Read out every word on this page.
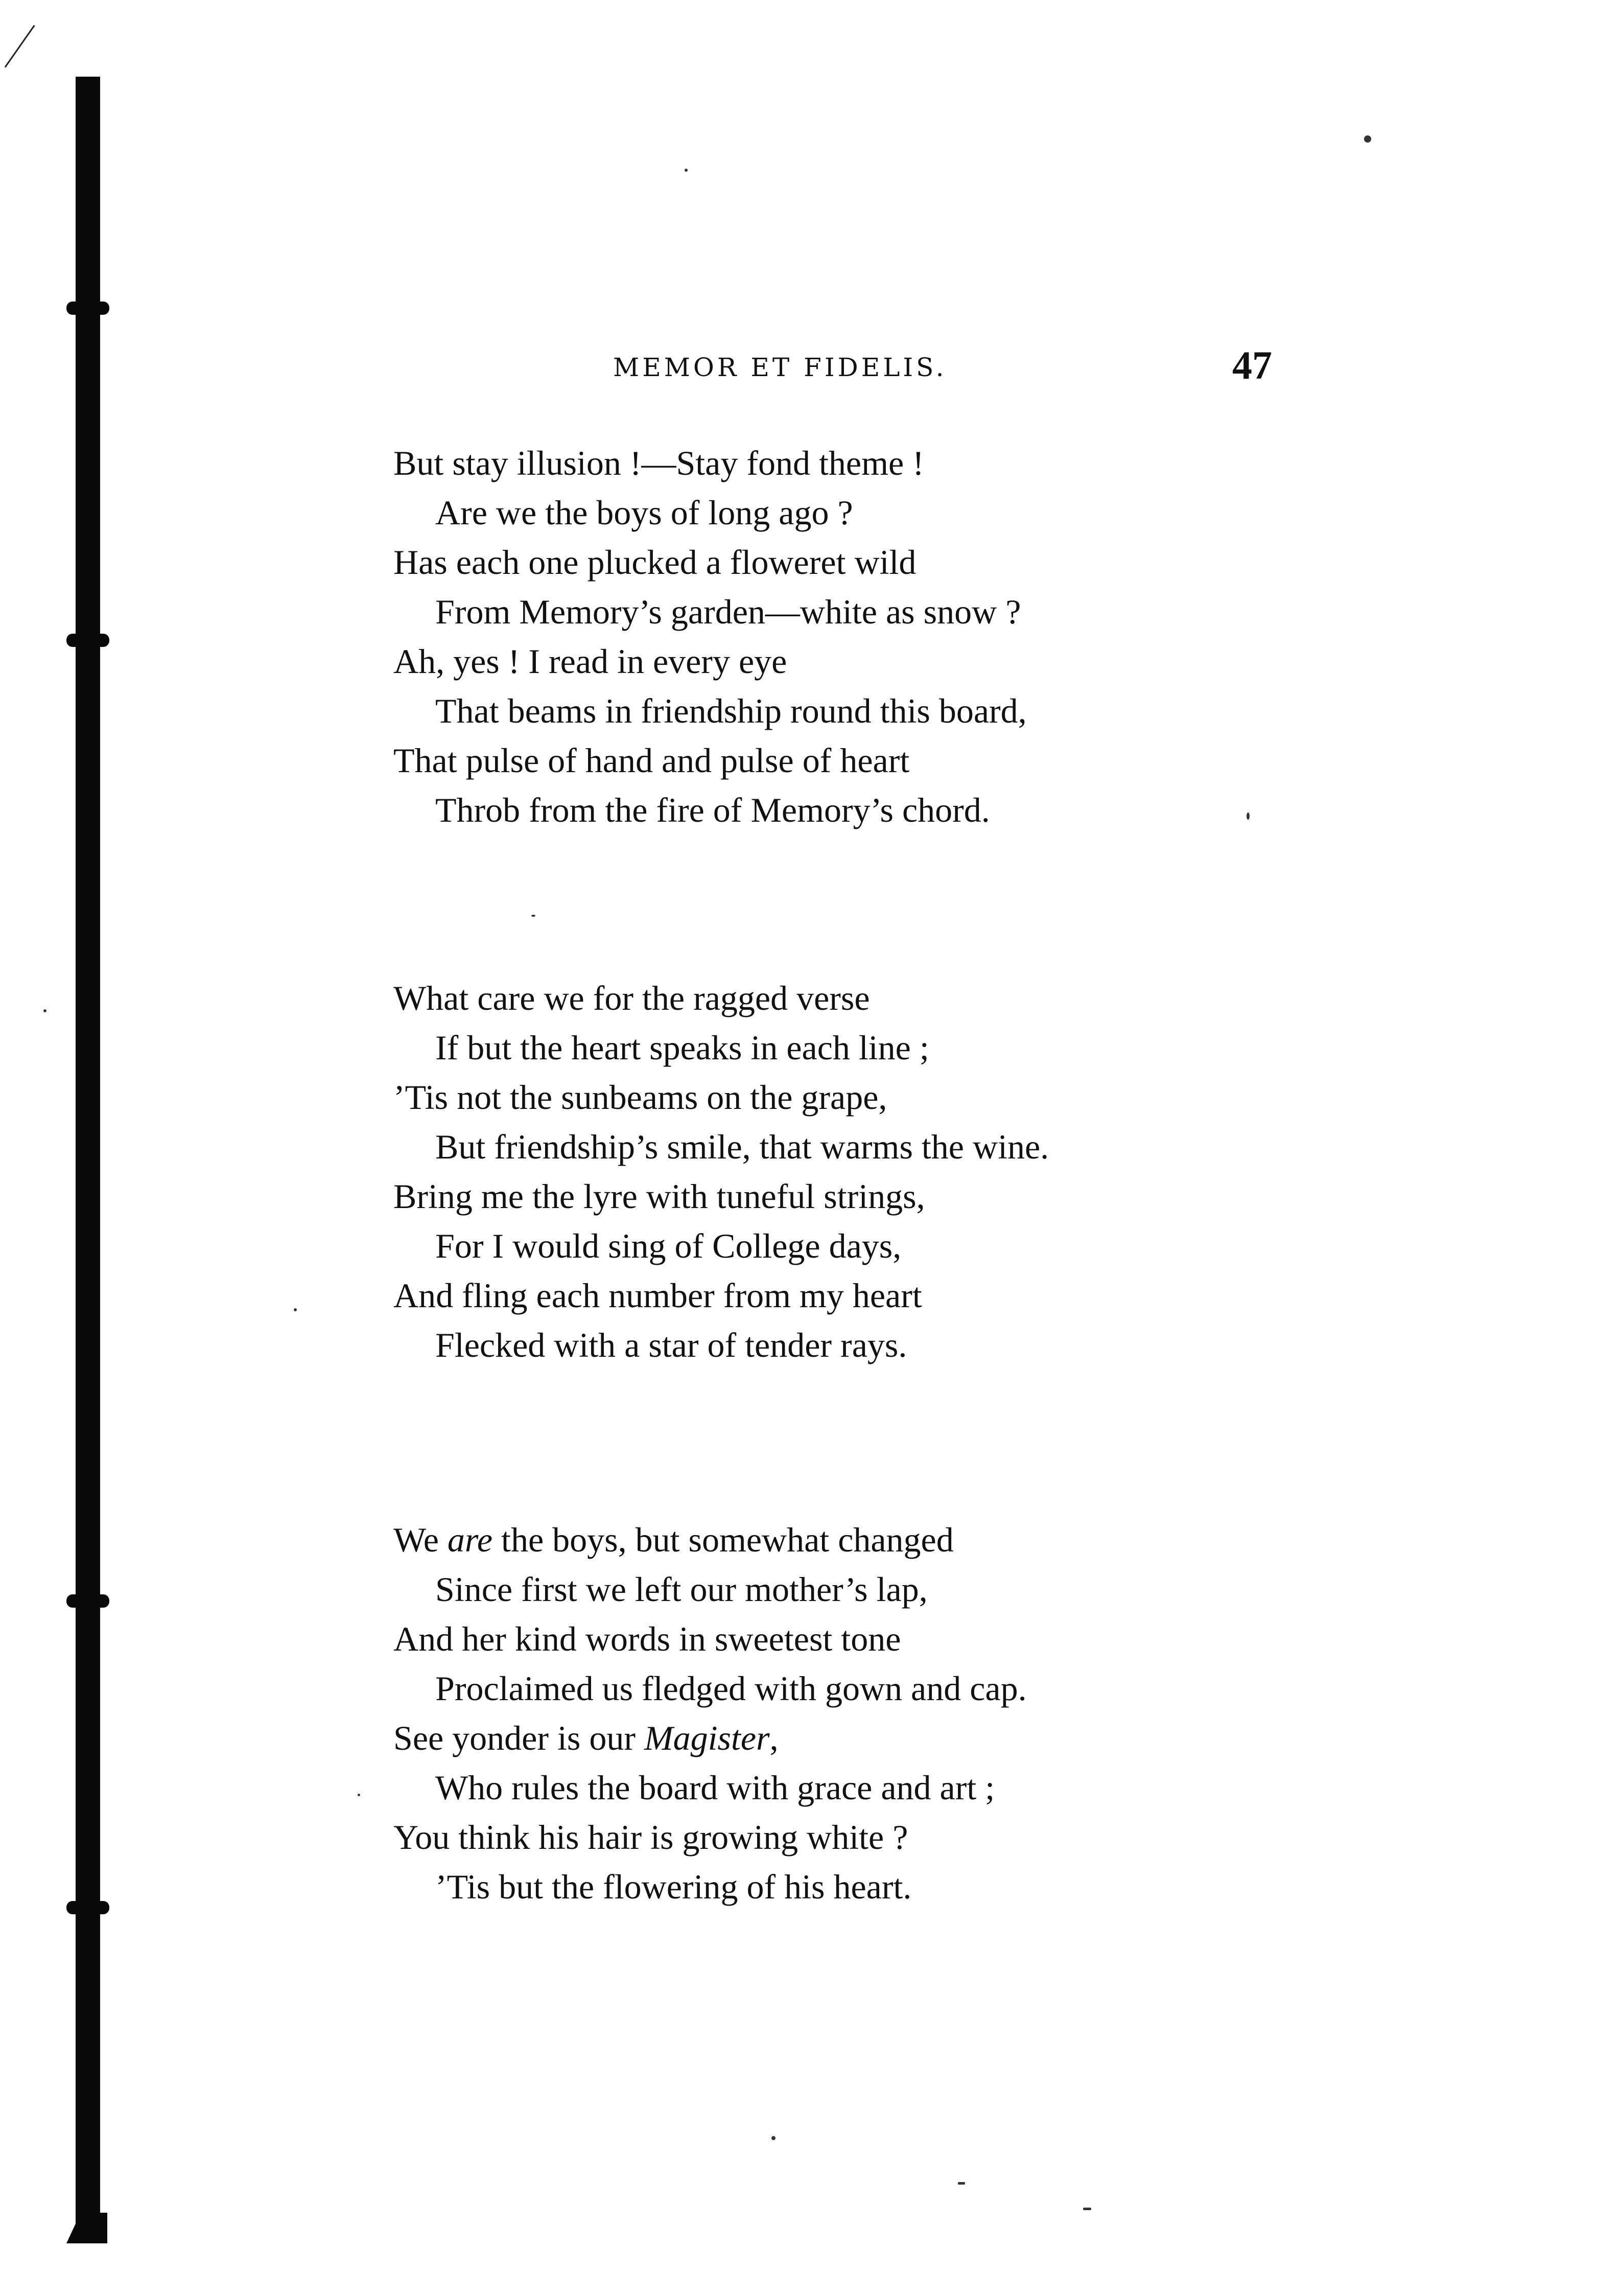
MEMOR ET FIDELIS.	47
But stay illusion !—Stay fond theme !
Are we the boys of long ago ?
Has each one plucked a floweret wild
From Memory’s garden—white as snow ?
Ah, yes ! I read in every eye
That beams in friendship round this board,
That pulse of hand and pulse of heart
Throb from the fire of Memory’s chord.
What care we for the ragged verse
If but the heart speaks in each line ;
’Tis not the sunbeams on the grape,
But friendship’s smile, that warms the wine.
Bring me the lyre with tuneful strings,
For I would sing of College days,
And fling each number from my heart
Flecked with a star of tender rays.
We are the boys, but somewhat changed
Since first we left our mother’s lap,
And her kind words in sweetest tone
Proclaimed us fledged with gown and cap.
See yonder is our Magister,
Who rules the board with grace and art ;
You think his hair is growing white ?
’Tis but the flowering of his heart.
